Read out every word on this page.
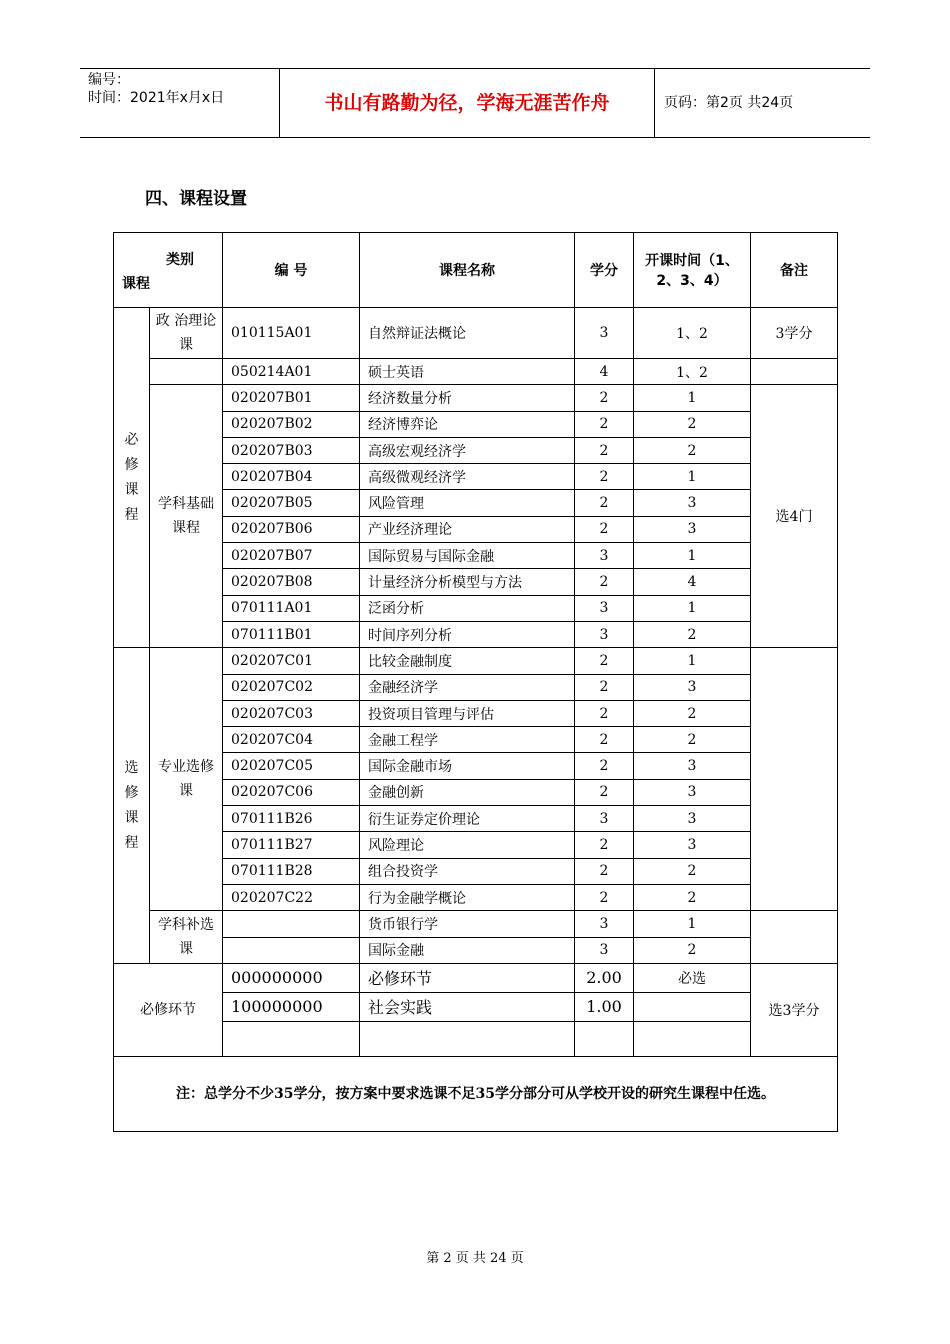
编号：
时间：2021年x月x日	书山有路勤为径，学海无涯苦作舟	页码：第2页 共24页
四、课程设置
类别
课程		编 号	课程名称	学分	开课时间（1、2、3、4）	备注
必
修
课
程	政 治理论课	010115A01	自然辩证法概论	3	1、2	3学分
		050214A01	硕士英语	4	1、2	
	学科基础课程	020207B01	经济数量分析	2	1	选4门
		020207B02	经济博弈论	2	2	
		020207B03	高级宏观经济学	2	2	
		020207B04	高级微观经济学	2	1	
		020207B05	风险管理	2	3	
		020207B06	产业经济理论	2	3	
		020207B07	国际贸易与国际金融	3	1	
		020207B08	计量经济分析模型与方法	2	4	
		070111A01	泛函分析	3	1	
		070111B01	时间序列分析	3	2	
选
修
课
程	专业选修课	020207C01	比较金融制度	2	1	
		020207C02	金融经济学	2	3	
		020207C03	投资项目管理与评估	2	2	
		020207C04	金融工程学	2	2	
		020207C05	国际金融市场	2	3	
		020207C06	金融创新	2	3	
		070111B26	衍生证券定价理论	3	3	
		070111B27	风险理论	2	3	
		070111B28	组合投资学	2	2	
		020207C22	行为金融学概论	2	2	
	学科补选课		货币银行学	3	1	
			国际金融	3	2	
必修环节		000000000	必修环节	2.00	必选	选3学分
		100000000	社会实践	1.00		

注：总学分不少35学分，按方案中要求选课不足35学分部分可从学校开设的研究生课程中任选。						
第 2 页 共 24 页
